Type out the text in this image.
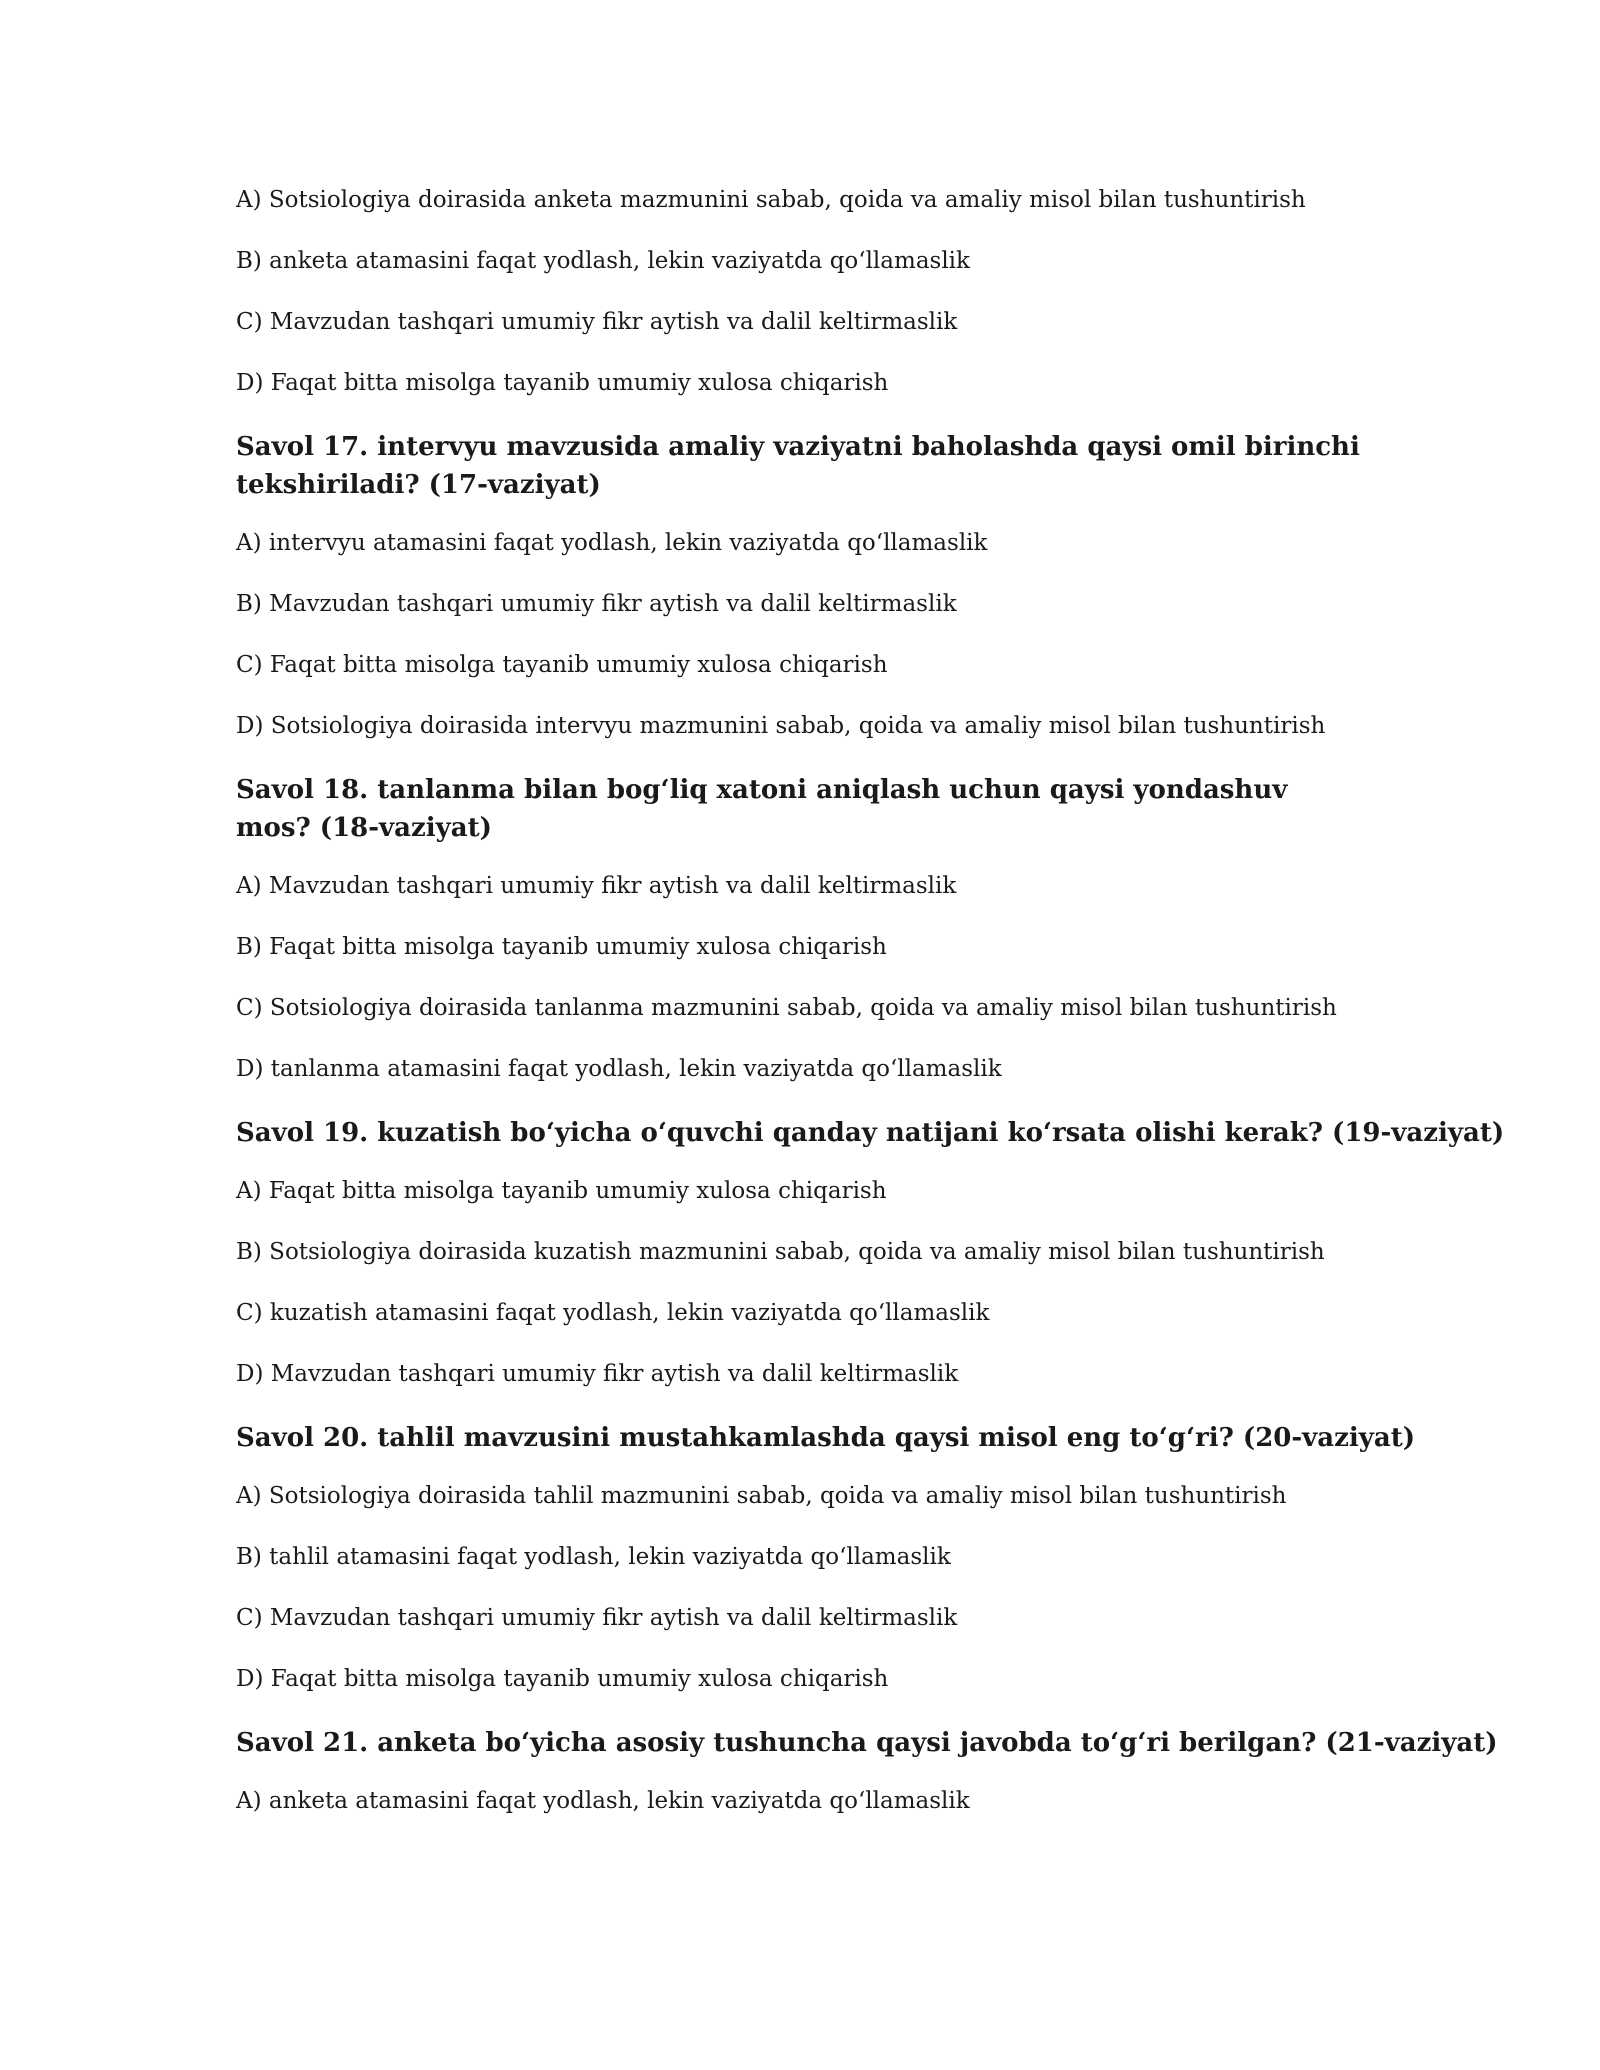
A) Sotsiologiya doirasida anketa mazmunini sabab, qoida va amaliy misol bilan tushuntirish

B) anketa atamasini faqat yodlash, lekin vaziyatda qo‘llamaslik

C) Mavzudan tashqari umumiy fikr aytish va dalil keltirmaslik

D) Faqat bitta misolga tayanib umumiy xulosa chiqarish

Savol 17. intervyu mavzusida amaliy vaziyatni baholashda qaysi omil birinchi tekshiriladi? (17-vaziyat)

A) intervyu atamasini faqat yodlash, lekin vaziyatda qo‘llamaslik

B) Mavzudan tashqari umumiy fikr aytish va dalil keltirmaslik

C) Faqat bitta misolga tayanib umumiy xulosa chiqarish

D) Sotsiologiya doirasida intervyu mazmunini sabab, qoida va amaliy misol bilan tushuntirish

Savol 18. tanlanma bilan bog‘liq xatoni aniqlash uchun qaysi yondashuv mos? (18-vaziyat)

A) Mavzudan tashqari umumiy fikr aytish va dalil keltirmaslik

B) Faqat bitta misolga tayanib umumiy xulosa chiqarish

C) Sotsiologiya doirasida tanlanma mazmunini sabab, qoida va amaliy misol bilan tushuntirish

D) tanlanma atamasini faqat yodlash, lekin vaziyatda qo‘llamaslik

Savol 19. kuzatish bo‘yicha o‘quvchi qanday natijani ko‘rsata olishi kerak? (19-vaziyat)

A) Faqat bitta misolga tayanib umumiy xulosa chiqarish

B) Sotsiologiya doirasida kuzatish mazmunini sabab, qoida va amaliy misol bilan tushuntirish

C) kuzatish atamasini faqat yodlash, lekin vaziyatda qo‘llamaslik

D) Mavzudan tashqari umumiy fikr aytish va dalil keltirmaslik

Savol 20. tahlil mavzusini mustahkamlashda qaysi misol eng to‘g‘ri? (20-vaziyat)

A) Sotsiologiya doirasida tahlil mazmunini sabab, qoida va amaliy misol bilan tushuntirish

B) tahlil atamasini faqat yodlash, lekin vaziyatda qo‘llamaslik

C) Mavzudan tashqari umumiy fikr aytish va dalil keltirmaslik

D) Faqat bitta misolga tayanib umumiy xulosa chiqarish

Savol 21. anketa bo‘yicha asosiy tushuncha qaysi javobda to‘g‘ri berilgan? (21-vaziyat)

A) anketa atamasini faqat yodlash, lekin vaziyatda qo‘llamaslik
